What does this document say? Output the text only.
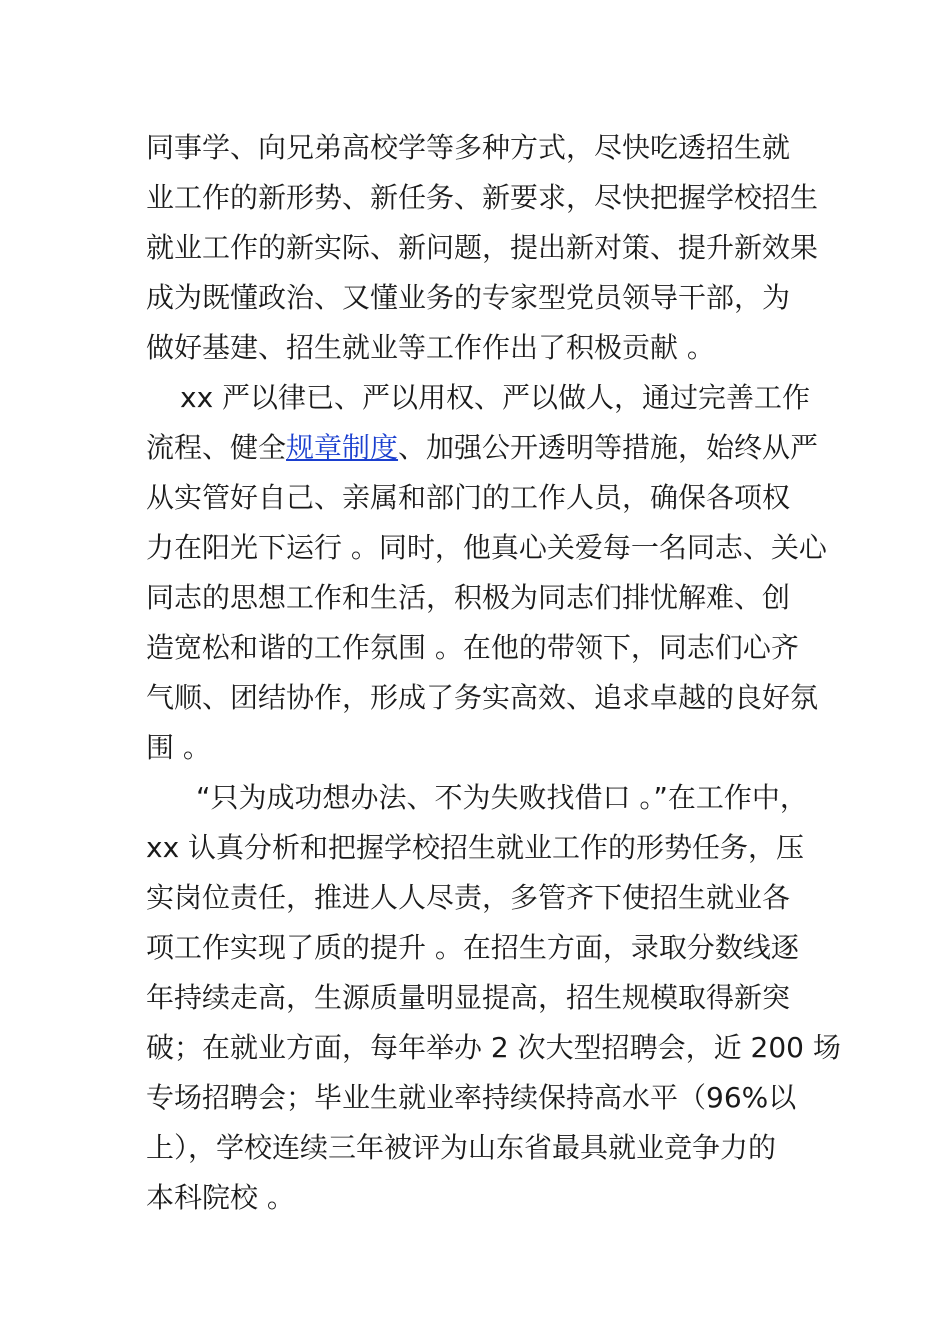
同事学、向兄弟高校学等多种方式，尽快吃透招生就
业工作的新形势、新任务、新要求，尽快把握学校招生
就业工作的新实际、新问题，提出新对策、提升新效果
成为既懂政治、又懂业务的专家型党员领导干部，为
做好基建、招生就业等工作作出了积极贡献 。
xx 严以律已、严以用权、严以做人，通过完善工作
流程、健全规章制度、加强公开透明等措施，始终从严
从实管好自己、亲属和部门的工作人员，确保各项权
力在阳光下运行 。同时，他真心关爱每一名同志、关心
同志的思想工作和生活，积极为同志们排忧解难、创
造宽松和谐的工作氛围 。在他的带领下，同志们心齐
气顺、团结协作，形成了务实高效、追求卓越的良好氛
围 。
“只为成功想办法、不为失败找借口 。”在工作中，
xx 认真分析和把握学校招生就业工作的形势任务，压
实岗位责任，推进人人尽责，多管齐下使招生就业各
项工作实现了质的提升 。在招生方面，录取分数线逐
年持续走高，生源质量明显提高，招生规模取得新突
破；在就业方面，每年举办 2 次大型招聘会，近 200 场
专场招聘会；毕业生就业率持续保持高水平（96%以
上），学校连续三年被评为山东省最具就业竞争力的
本科院校 。
